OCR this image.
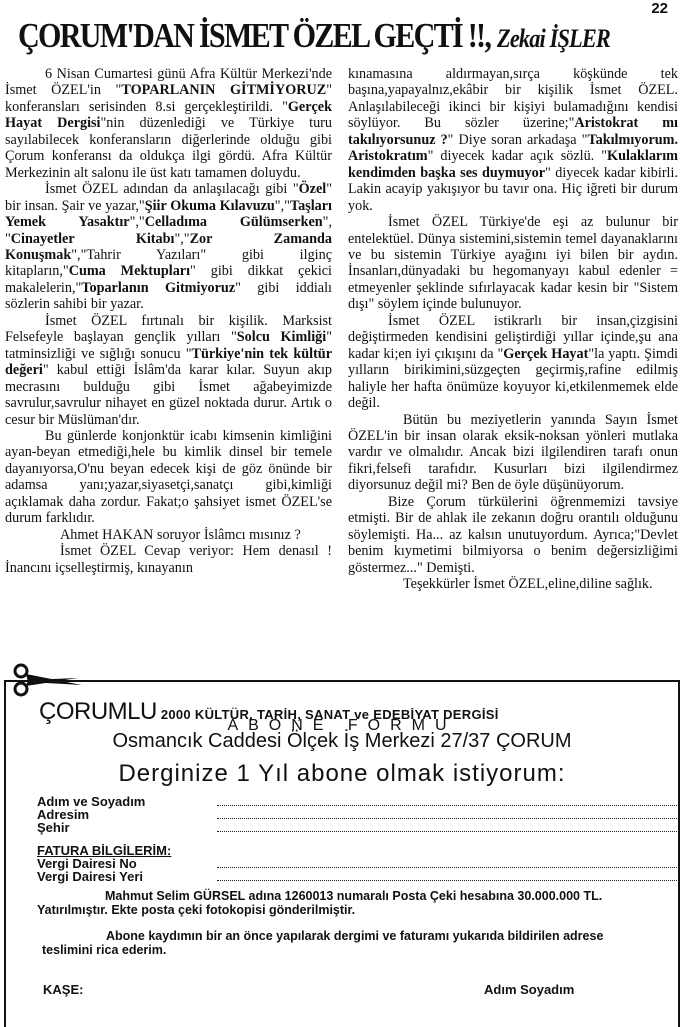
22
ÇORUM'DAN İSMET ÖZEL GEÇTİ !!, Zekai İŞLER

6 Nisan Cumartesi günü Afra Kültür Merkezi'nde İsmet ÖZEL'in "TOPARLANIN GİTMİYORUZ" konferansları serisinden 8.si gerçekleştirildi. "Gerçek Hayat Dergisi"nin düzenlediği ve Türkiye turu sayılabilecek konferansların diğerlerinde olduğu gibi Çorum konferansı da oldukça ilgi gördü. Afra Kültür Merkezinin alt salonu ile üst katı tamamen doluydu.

İsmet ÖZEL adından da anlaşılacağı gibi "Özel" bir insan. Şair ve yazar,"Şiir Okuma Kılavuzu","Taşları Yemek Yasaktır","Celladıma Gülümserken", "Cinayetler Kitabı","Zor Zamanda Konuşmak","Tahrir Yazıları" gibi ilginç kitapların,"Cuma Mektupları" gibi dikkat çekici makalelerin,"Toparlanın Gitmiyoruz" gibi iddialı sözlerin sahibi bir yazar.

İsmet ÖZEL fırtınalı bir kişilik. Marksist Felsefeyle başlayan gençlik yılları "Solcu Kimliği" tatminsizliği ve sığlığı sonucu "Türkiye'nin tek kültür değeri" kabul ettiği İslâm'da karar kılar. Suyun akıp mecrasını bulduğu gibi İsmet ağabeyimizde savrulur,savrulur nihayet en güzel noktada durur. Artık o cesur bir Müslüman'dır.

Bu günlerde konjonktür icabı kimsenin kimliğini ayan-beyan etmediği,hele bu kimlik dinsel bir temele dayanıyorsa,O'nu beyan edecek kişi de göz önünde bir adamsa yanı;yazar,siyasetçi,sanatçı gibi,kimliği açıklamak daha zordur. Fakat;o şahsiyet ismet ÖZEL'se durum farklıdır.

Ahmet HAKAN soruyor İslâmcı mısınız ?

İsmet ÖZEL Cevap veriyor: Hem denasıl ! İnancını içselleştirmiş, kınayanın

kınamasına aldırmayan,sırça köşkünde tek başına,yapayalnız,ekâbir bir kişilik İsmet ÖZEL. Anlaşılabileceği ikinci bir kişiyi bulamadığını kendisi söylüyor. Bu sözler üzerine;"Aristokrat mı takılıyorsunuz ?" Diye soran arkadaşa "Takılmıyorum. Aristokratım" diyecek kadar açık sözlü. "Kulaklarım kendimden başka ses duymuyor" diyecek kadar kibirli. Lakin acayip yakışıyor bu tavır ona. Hiç iğreti bir durum yok.

İsmet ÖZEL Türkiye'de eşi az bulunur bir entelektüel. Dünya sistemini,sistemin temel dayanaklarını ve bu sistemin Türkiye ayağını iyi bilen bir aydın. İnsanları,dünyadaki bu hegomanyayı kabul edenler = etmeyenler şeklinde sıfırlayacak kadar kesin bir "Sistem dışı" söylem içinde bulunuyor.

İsmet ÖZEL istikrarlı bir insan,çizgisini değiştirmeden kendisini geliştirdiği yıllar içinde,şu ana kadar ki;en iyi çıkışını da "Gerçek Hayat"la yaptı. Şimdi yılların birikimini,süzgeçten geçirmiş,rafine edilmiş haliyle her hafta önümüze koyuyor ki,etkilenmemek elde değil.

Bütün bu meziyetlerin yanında Sayın İsmet ÖZEL'in bir insan olarak eksik-noksan yönleri mutlaka vardır ve olmalıdır. Ancak bizi ilgilendiren tarafı onun fikri,felsefi tarafıdır. Kusurları bizi ilgilendirmez diyorsunuz değil mi? Ben de öyle düşünüyorum.

Bize Çorum türkülerini öğrenmemizi tavsiye etmişti. Bir de ahlak ile zekanın doğru orantılı olduğunu söylemişti. Ha... az kalsın unutuyordum. Ayrıca;"Devlet benim kıymetimi bilmiyorsa o benim değersizliğimi göstermez..." Demişti.

Teşekkürler İsmet ÖZEL,eline,diline sağlık.

ÇORUMLU 2000 KÜLTÜR, TARİH, SANAT ve EDEBİYAT DERGİSİ
ABONE FORMU
Osmancık Caddesi Ölçek İş Merkezi 27/37 ÇORUM
Derginize 1 Yıl abone olmak istiyorum:
Adım ve Soyadım
Adresim
Şehir
FATURA BİLGİLERİM:
Vergi Dairesi No
Vergi Dairesi Yeri
Mahmut Selim GÜRSEL adına 1260013 numaralı Posta Çeki hesabına 30.000.000 TL. Yatırılmıştır. Ekte posta çeki fotokopisi gönderilmiştir.
Abone kaydımın bir an önce yapılarak dergimi ve faturamı yukarıda bildirilen adrese teslimini rica ederim.
KAŞE:	Adım Soyadım
